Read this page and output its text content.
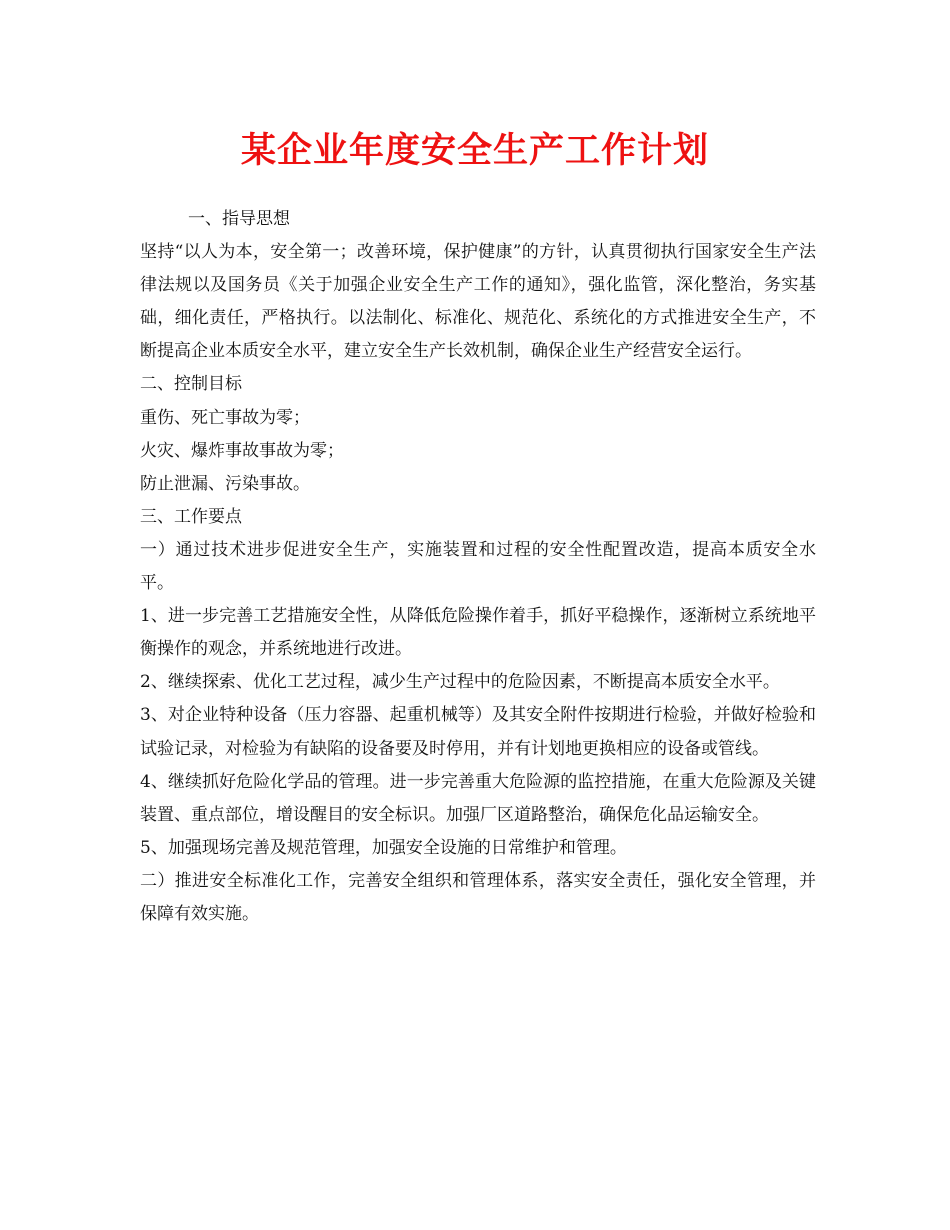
某企业年度安全生产工作计划

一、指导思想

坚持“以人为本，安全第一；改善环境，保护健康”的方针，认真贯彻执行国家安全生产法律法规以及国务员《关于加强企业安全生产工作的通知》，强化监管，深化整治，务实基础，细化责任，严格执行。以法制化、标准化、规范化、系统化的方式推进安全生产，不断提高企业本质安全水平，建立安全生产长效机制，确保企业生产经营安全运行。

二、控制目标

重伤、死亡事故为零；

火灾、爆炸事故事故为零；

防止泄漏、污染事故。

三、工作要点

一）通过技术进步促进安全生产，实施装置和过程的安全性配置改造，提高本质安全水平。

1、进一步完善工艺措施安全性，从降低危险操作着手，抓好平稳操作，逐渐树立系统地平衡操作的观念，并系统地进行改进。

2、继续探索、优化工艺过程，减少生产过程中的危险因素，不断提高本质安全水平。

3、对企业特种设备（压力容器、起重机械等）及其安全附件按期进行检验，并做好检验和试验记录，对检验为有缺陷的设备要及时停用，并有计划地更换相应的设备或管线。

4、继续抓好危险化学品的管理。进一步完善重大危险源的监控措施，在重大危险源及关键装置、重点部位，增设醒目的安全标识。加强厂区道路整治，确保危化品运输安全。

5、加强现场完善及规范管理，加强安全设施的日常维护和管理。

二）推进安全标准化工作，完善安全组织和管理体系，落实安全责任，强化安全管理，并保障有效实施。
